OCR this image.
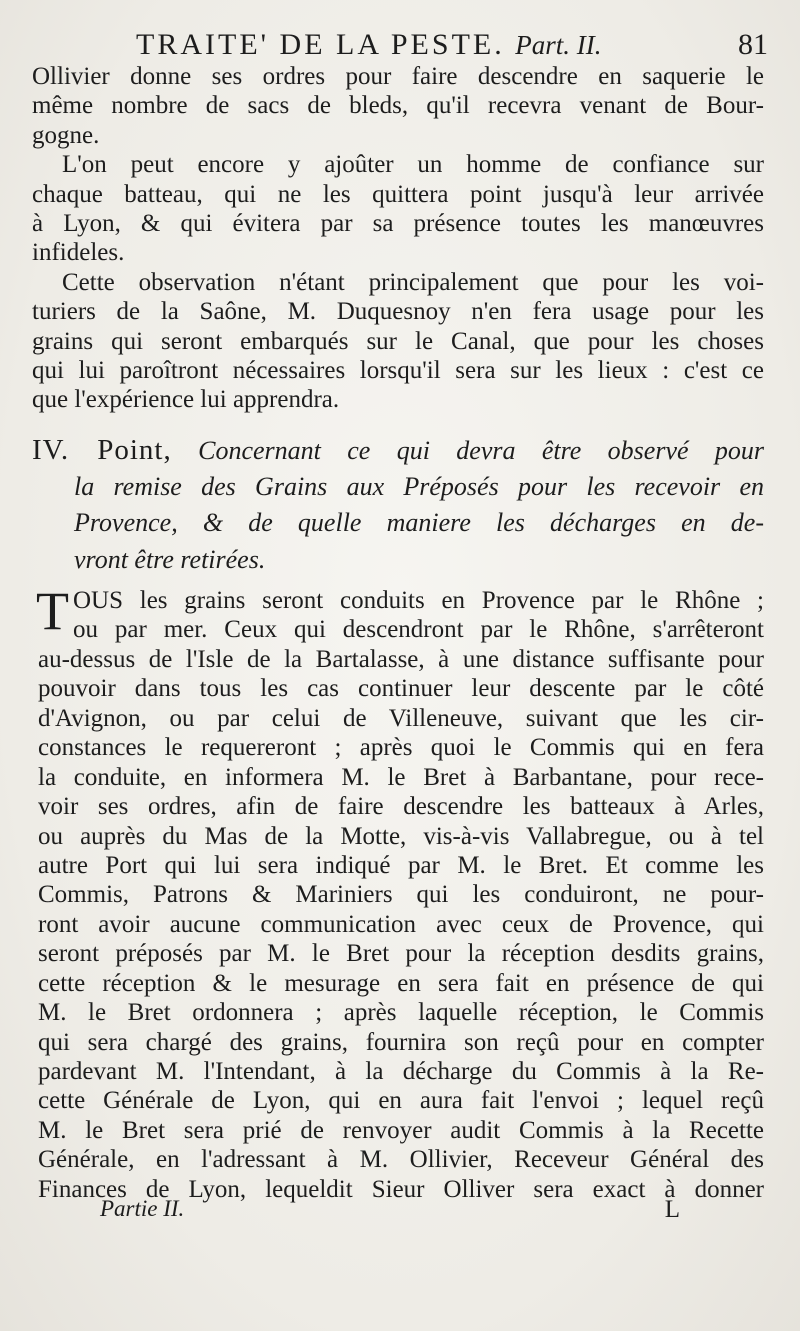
TRAITE' DE LA PESTE. Part. II.	81

Ollivier donne ses ordres pour faire descendre en saquerie le
même nombre de sacs de bleds, qu'il recevra venant de Bour-
gogne.

L'on peut encore y ajoûter un homme de confiance sur
chaque batteau, qui ne les quittera point jusqu'à leur arrivée
à Lyon, & qui évitera par sa présence toutes les manœuvres
infideles.

Cette observation n'étant principalement que pour les voi-
turiers de la Saône, M. Duquesnoy n'en fera usage pour les
grains qui seront embarqués sur le Canal, que pour les choses
qui lui paroîtront nécessaires lorsqu'il sera sur les lieux : c'est ce
que l'expérience lui apprendra.

IV. Point, Concernant ce qui devra être observé pour
la remise des Grains aux Préposés pour les recevoir en
Provence, & de quelle maniere les décharges en de-
vront être retirées.
T OUS les grains seront conduits en Provence par le Rhône ;
ou par mer. Ceux qui descendront par le Rhône, s'arrêteront
au-dessus de l'Isle de la Bartalasse, à une distance suffisante pour
pouvoir dans tous les cas continuer leur descente par le côté
d'Avignon, ou par celui de Villeneuve, suivant que les cir-
constances le requereront ; après quoi le Commis qui en fera
la conduite, en informera M. le Bret à Barbantane, pour rece-
voir ses ordres, afin de faire descendre les batteaux à Arles,
ou auprès du Mas de la Motte, vis-à-vis Vallabregue, ou à tel
autre Port qui lui sera indiqué par M. le Bret. Et comme les
Commis, Patrons & Mariniers qui les conduiront, ne pour-
ront avoir aucune communication avec ceux de Provence, qui
seront préposés par M. le Bret pour la réception desdits grains,
cette réception & le mesurage en sera fait en présence de qui
M. le Bret ordonnera ; après laquelle réception, le Commis
qui sera chargé des grains, fournira son reçû pour en compter
pardevant M. l'Intendant, à la décharge du Commis à la Re-
cette Générale de Lyon, qui en aura fait l'envoi ; lequel reçû
M. le Bret sera prié de renvoyer audit Commis à la Recette
Générale, en l'adressant à M. Ollivier, Receveur Général des
Finances de Lyon, lequeldit Sieur Olliver sera exact à donner
Partie II.	L
